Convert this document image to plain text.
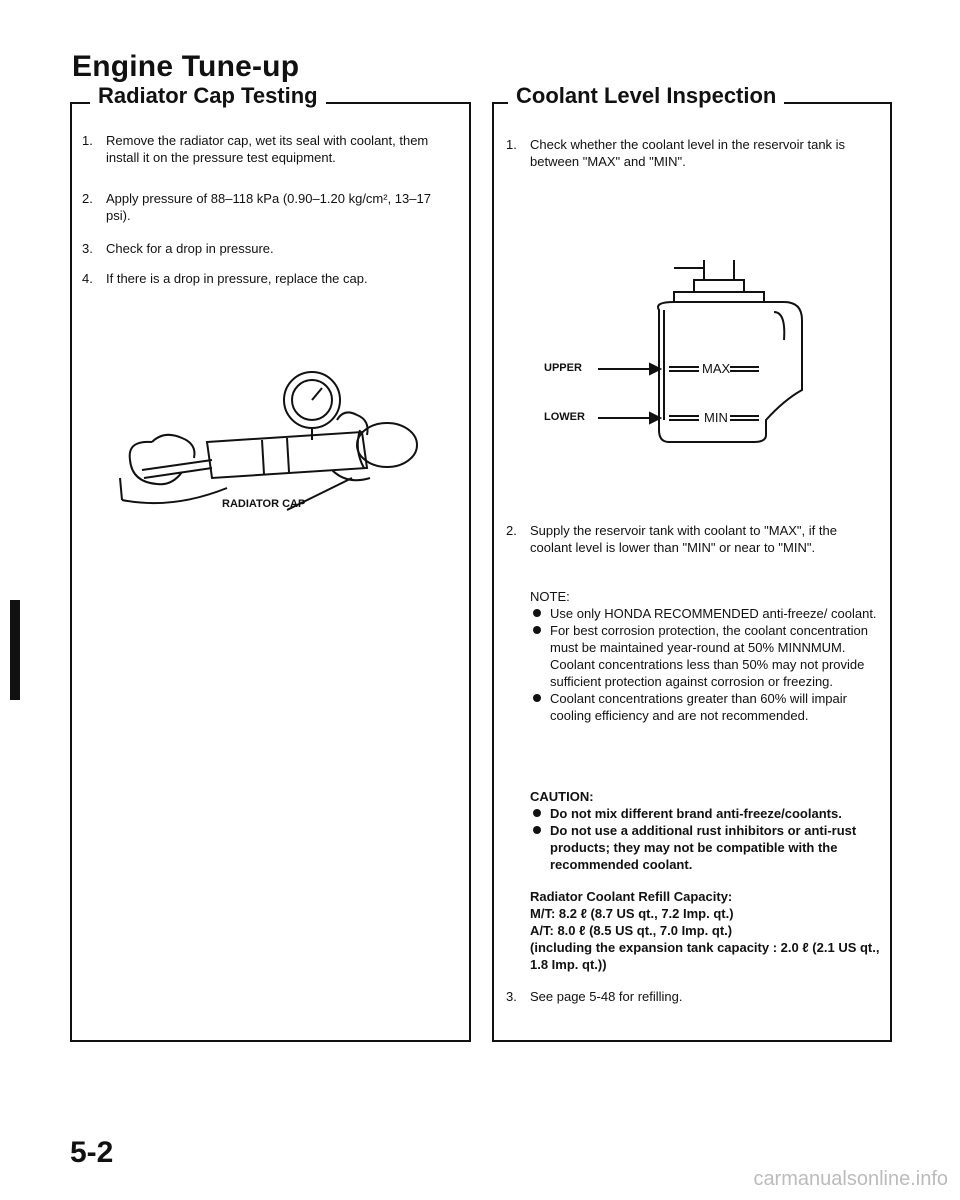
Engine Tune-up
Radiator Cap Testing
1. Remove the radiator cap, wet its seal with coolant, them install it on the pressure test equipment.
2. Apply pressure of 88–118 kPa (0.90–1.20 kg/cm², 13–17 psi).
3. Check for a drop in pressure.
4. If there is a drop in pressure, replace the cap.
RADIATOR CAP
Coolant Level Inspection
1. Check whether the coolant level in the reservoir tank is between "MAX" and "MIN".
UPPER
LOWER
MAX
MIN
2. Supply the reservoir tank with coolant to "MAX", if the coolant level is lower than "MIN" or near to "MIN".
NOTE:
Use only HONDA RECOMMENDED anti-freeze/ coolant.
For best corrosion protection, the coolant concentration must be maintained year-round at 50% MINNMUM. Coolant concentrations less than 50% may not provide sufficient protection against corrosion or freezing.
Coolant concentrations greater than 60% will impair cooling efficiency and are not recommended.
CAUTION:
Do not mix different brand anti-freeze/coolants.
Do not use a additional rust inhibitors or anti-rust products; they may not be compatible with the recommended coolant.
Radiator Coolant Refill Capacity:
M/T: 8.2 ℓ (8.7 US qt., 7.2 Imp. qt.)
A/T: 8.0 ℓ (8.5 US qt., 7.0 Imp. qt.)
(including the expansion tank capacity : 2.0 ℓ (2.1 US qt., 1.8 Imp. qt.))
3. See page 5-48 for refilling.
5-2
carmanualsonline.info
